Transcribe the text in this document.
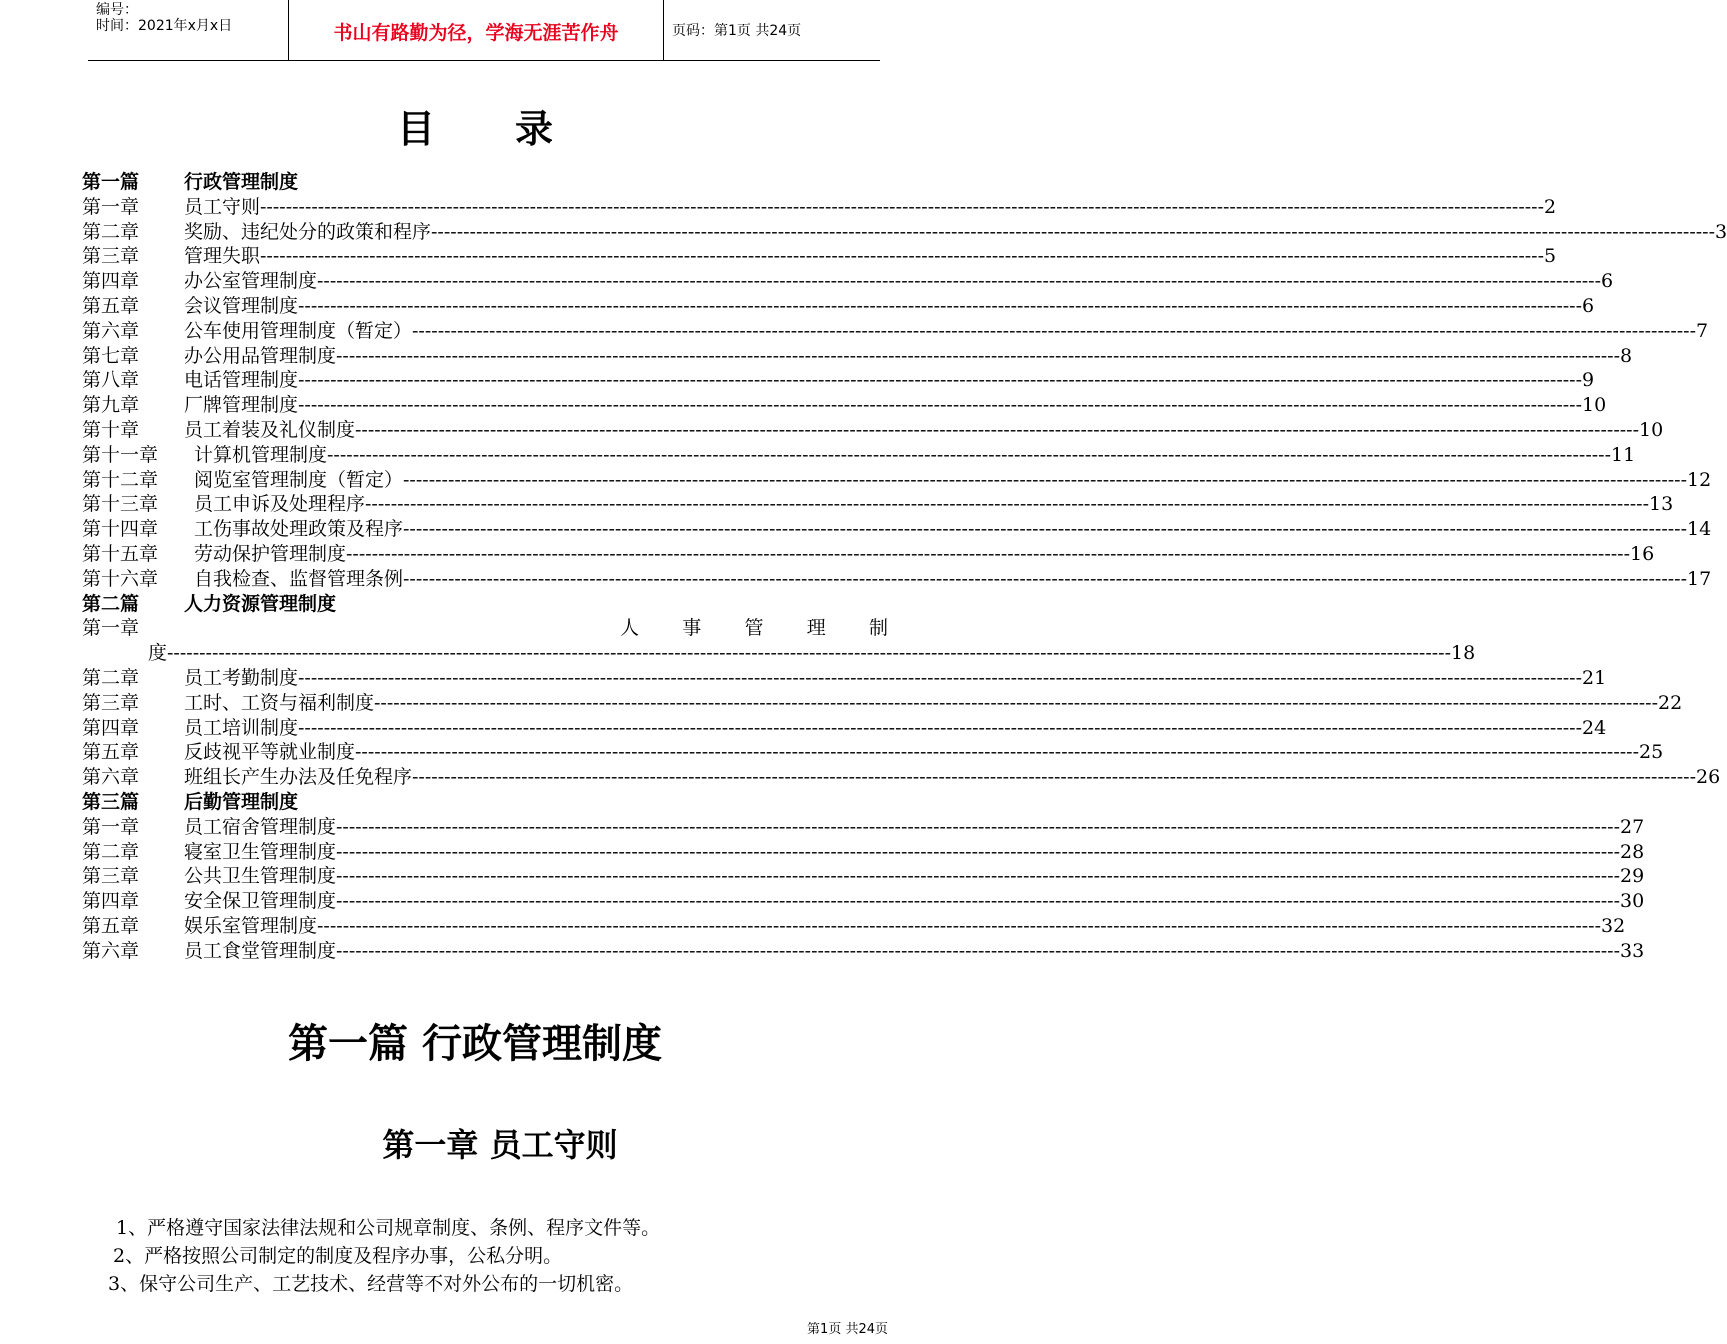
编号：
时间：2021年x月x日	书山有路勤为径，学海无涯苦作舟	页码：第1页 共24页
目 录
第一篇	行政管理制度
第一章	员工守则 -------------------------------------------------------------------------------------------------------------------------------------------------------------------------------------------------------- 2
第二章	奖励、违纪处分的政策和程序 -------------------------------------------------------------------------------------------------------------------------------------------------------------------------------------------------------- 3
第三章	管理失职 -------------------------------------------------------------------------------------------------------------------------------------------------------------------------------------------------------- 5
第四章	办公室管理制度 -------------------------------------------------------------------------------------------------------------------------------------------------------------------------------------------------------- 6
第五章	会议管理制度 -------------------------------------------------------------------------------------------------------------------------------------------------------------------------------------------------------- 6
第六章	公车使用管理制度（暂定） -------------------------------------------------------------------------------------------------------------------------------------------------------------------------------------------------------- 7
第七章	办公用品管理制度 -------------------------------------------------------------------------------------------------------------------------------------------------------------------------------------------------------- 8
第八章	电话管理制度 -------------------------------------------------------------------------------------------------------------------------------------------------------------------------------------------------------- 9
第九章	厂牌管理制度 -------------------------------------------------------------------------------------------------------------------------------------------------------------------------------------------------------- 10
第十章	员工着装及礼仪制度 -------------------------------------------------------------------------------------------------------------------------------------------------------------------------------------------------------- 10
第十一章	计算机管理制度 -------------------------------------------------------------------------------------------------------------------------------------------------------------------------------------------------------- 11
第十二章	阅览室管理制度（暂定） -------------------------------------------------------------------------------------------------------------------------------------------------------------------------------------------------------- 12
第十三章	员工申诉及处理程序 -------------------------------------------------------------------------------------------------------------------------------------------------------------------------------------------------------- 13
第十四章	工伤事故处理政策及程序 -------------------------------------------------------------------------------------------------------------------------------------------------------------------------------------------------------- 14
第十五章	劳动保护管理制度 -------------------------------------------------------------------------------------------------------------------------------------------------------------------------------------------------------- 16
第十六章	自我检查、监督管理条例 -------------------------------------------------------------------------------------------------------------------------------------------------------------------------------------------------------- 17
第二篇	人力资源管理制度
第一章	人 事 管 理 制
度 -------------------------------------------------------------------------------------------------------------------------------------------------------------------------------------------------------- 18
第二章	员工考勤制度 -------------------------------------------------------------------------------------------------------------------------------------------------------------------------------------------------------- 21
第三章	工时、工资与福利制度 -------------------------------------------------------------------------------------------------------------------------------------------------------------------------------------------------------- 22
第四章	员工培训制度 -------------------------------------------------------------------------------------------------------------------------------------------------------------------------------------------------------- 24
第五章	反歧视平等就业制度 -------------------------------------------------------------------------------------------------------------------------------------------------------------------------------------------------------- 25
第六章	班组长产生办法及任免程序 -------------------------------------------------------------------------------------------------------------------------------------------------------------------------------------------------------- 26
第三篇	后勤管理制度
第一章	员工宿舍管理制度 -------------------------------------------------------------------------------------------------------------------------------------------------------------------------------------------------------- 27
第二章	寝室卫生管理制度 -------------------------------------------------------------------------------------------------------------------------------------------------------------------------------------------------------- 28
第三章	公共卫生管理制度 -------------------------------------------------------------------------------------------------------------------------------------------------------------------------------------------------------- 29
第四章	安全保卫管理制度 -------------------------------------------------------------------------------------------------------------------------------------------------------------------------------------------------------- 30
第五章	娱乐室管理制度 -------------------------------------------------------------------------------------------------------------------------------------------------------------------------------------------------------- 32
第六章	员工食堂管理制度 -------------------------------------------------------------------------------------------------------------------------------------------------------------------------------------------------------- 33
第一篇 行政管理制度
第一章 员工守则
1、严格遵守国家法律法规和公司规章制度、条例、程序文件等。
2、严格按照公司制定的制度及程序办事，公私分明。
3、保守公司生产、工艺技术、经营等不对外公布的一切机密。
第1页 共24页
